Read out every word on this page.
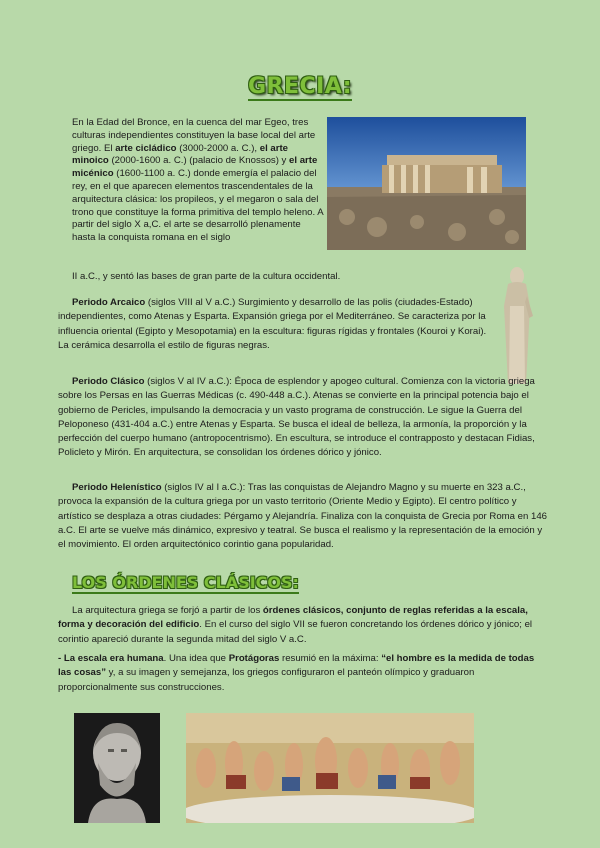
GRECIA:

En la Edad del Bronce, en la cuenca del mar Egeo, tres culturas independientes constituyen la base local del arte griego. El arte cicládico (3000-2000 a. C.), el arte minoico (2000-1600 a. C.) (palacio de Knossos) y el arte micénico (1600-1100 a. C.) donde emergía el palacio del rey, en el que aparecen elementos trascendentales de la arquitectura clásica: los propileos, y el megaron o sala del trono que constituye la forma primitiva del templo heleno. A partir del siglo X a,C. el arte se desarrolló plenamente hasta la conquista romana en el siglo

II a.C., y sentó las bases de gran parte de la cultura occidental.

Periodo Arcaico (siglos VIII al V a.C.) Surgimiento y desarrollo de las polis (ciudades-Estado) independientes, como Atenas y Esparta. Expansión griega por el Mediterráneo. Se caracteriza por la influencia oriental (Egipto y Mesopotamia) en la escultura: figuras rígidas y frontales (Kouroi y Korai). La cerámica desarrolla el estilo de figuras negras.

Periodo Clásico (siglos V al IV a.C.): Época de esplendor y apogeo cultural. Comienza con la victoria griega sobre los Persas en las Guerras Médicas (c. 490-448 a.C.). Atenas se convierte en la principal potencia bajo el gobierno de Pericles, impulsando la democracia y un vasto programa de construcción. Le sigue la Guerra del Peloponeso (431-404 a.C.) entre Atenas y Esparta. Se busca el ideal de belleza, la armonía, la proporción y la perfección del cuerpo humano (antropocentrismo). En escultura, se introduce el contrapposto y destacan Fidias, Policleto y Mirón. En arquitectura, se consolidan los órdenes dórico y jónico.

Periodo Helenístico (siglos IV al I a.C.): Tras las conquistas de Alejandro Magno y su muerte en 323 a.C., provoca la expansión de la cultura griega por un vasto territorio (Oriente Medio y Egipto). El centro político y artístico se desplaza a otras ciudades: Pérgamo y Alejandría. Finaliza con la conquista de Grecia por Roma en 146 a.C. El arte se vuelve más dinámico, expresivo y teatral. Se busca el realismo y la representación de la emoción y el movimiento. El orden arquitectónico corintio gana popularidad.

LOS ÓRDENES CLÁSICOS:

La arquitectura griega se forjó a partir de los órdenes clásicos, conjunto de reglas referidas a la escala, forma y decoración del edificio. En el curso del siglo VII se fueron concretando los órdenes dórico y jónico; el corintio apareció durante la segunda mitad del siglo V a.C.

- La escala era humana. Una idea que Protágoras resumió en la máxima: “el hombre es la medida de todas las cosas” y, a su imagen y semejanza, los griegos configuraron el panteón olímpico y graduaron proporcionalmente sus construcciones.
